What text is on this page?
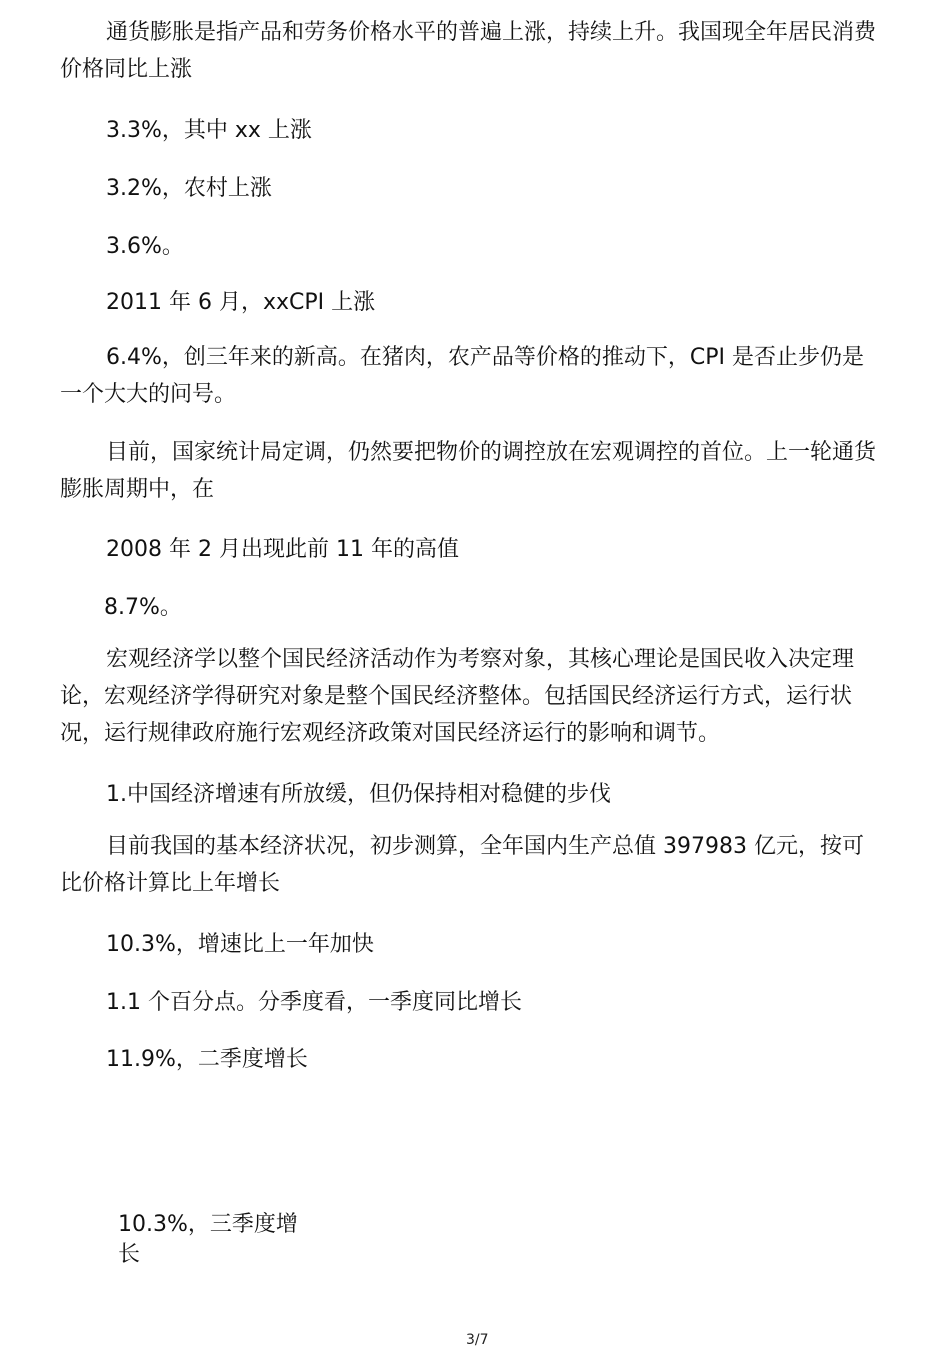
通货膨胀是指产品和劳务价格水平的普遍上涨，持续上升。我国现全年居民消费价格同比上涨

3.3%，其中 xx 上涨

3.2%，农村上涨

3.6%。

2011 年 6 月，xxCPI 上涨

6.4%，创三年来的新高。在猪肉，农产品等价格的推动下，CPI 是否止步仍是一个大大的问号。

目前，国家统计局定调，仍然要把物价的调控放在宏观调控的首位。上一轮通货膨胀周期中，在

2008 年 2 月出现此前 11 年的高值

8.7%。

宏观经济学以整个国民经济活动作为考察对象，其核心理论是国民收入决定理论，宏观经济学得研究对象是整个国民经济整体。包括国民经济运行方式，运行状况，运行规律政府施行宏观经济政策对国民经济运行的影响和调节。

1.中国经济增速有所放缓，但仍保持相对稳健的步伐

目前我国的基本经济状况，初步测算，全年国内生产总值 397983 亿元，按可比价格计算比上年增长

10.3%，增速比上一年加快

1.1 个百分点。分季度看，一季度同比增长

11.9%，二季度增长

10.3%，三季度增长

3/7
